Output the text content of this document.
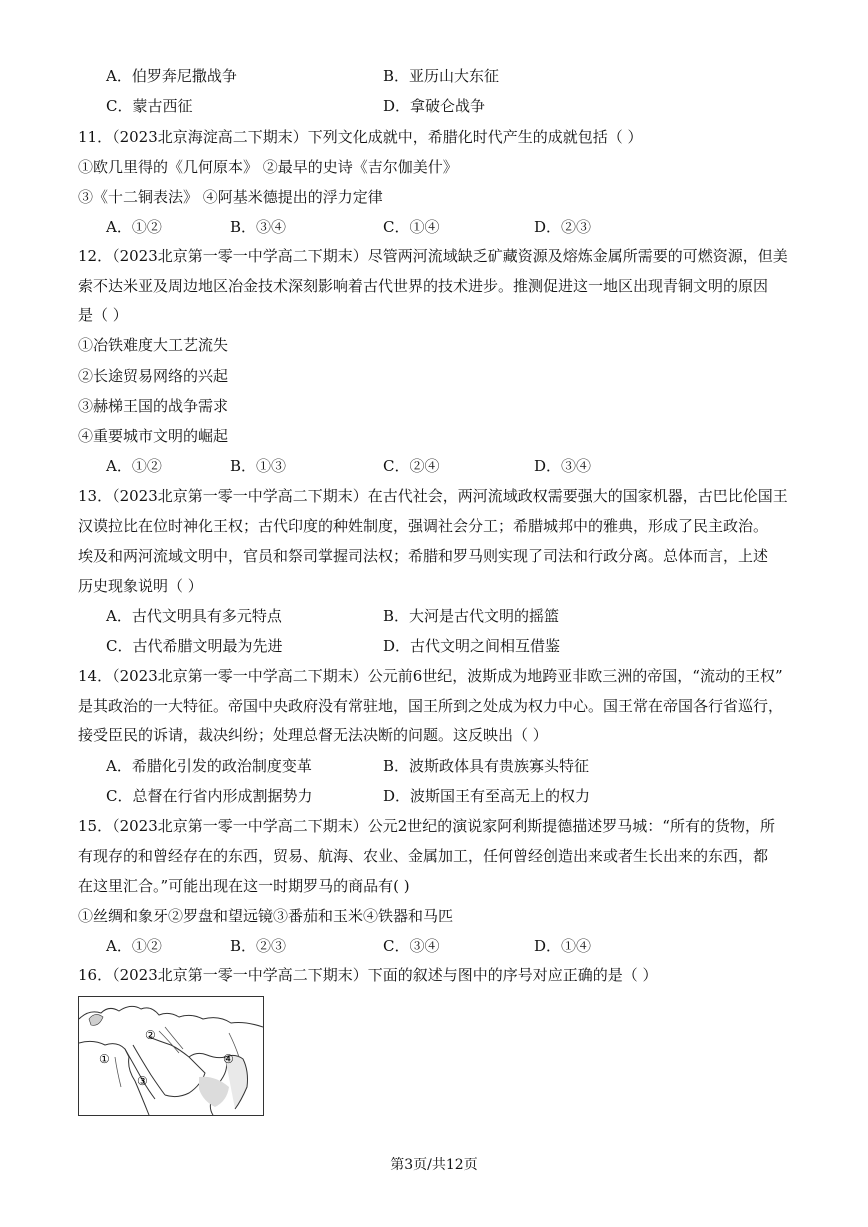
A．伯罗奔尼撒战争	B．亚历山大东征
C．蒙古西征	D．拿破仑战争
11．（2023北京海淀高二下期末）下列文化成就中，希腊化时代产生的成就包括（ ）
①欧几里得的《几何原本》 ②最早的史诗《吉尔伽美什》
③《十二铜表法》 ④阿基米德提出的浮力定律
A．①②	B．③④	C．①④	D．②③
12．（2023北京第一零一中学高二下期末）尽管两河流域缺乏矿藏资源及熔炼金属所需要的可燃资源，但美
索不达米亚及周边地区冶金技术深刻影响着古代世界的技术进步。推测促进这一地区出现青铜文明的原因
是（ ）
①冶铁难度大工艺流失
②长途贸易网络的兴起
③赫梯王国的战争需求
④重要城市文明的崛起
A．①②	B．①③	C．②④	D．③④
13．（2023北京第一零一中学高二下期末）在古代社会，两河流域政权需要强大的国家机器，古巴比伦国王
汉谟拉比在位时神化王权；古代印度的种姓制度，强调社会分工；希腊城邦中的雅典，形成了民主政治。
埃及和两河流域文明中，官员和祭司掌握司法权；希腊和罗马则实现了司法和行政分离。总体而言，上述
历史现象说明（ ）
A．古代文明具有多元特点	B．大河是古代文明的摇篮
C．古代希腊文明最为先进	D．古代文明之间相互借鉴
14．（2023北京第一零一中学高二下期末）公元前6世纪，波斯成为地跨亚非欧三洲的帝国，“流动的王权”
是其政治的一大特征。帝国中央政府没有常驻地，国王所到之处成为权力中心。国王常在帝国各行省巡行，
接受臣民的诉请，裁决纠纷；处理总督无法决断的问题。这反映出（ ）
A．希腊化引发的政治制度变革	B．波斯政体具有贵族寡头特征
C．总督在行省内形成割据势力	D．波斯国王有至高无上的权力
15．（2023北京第一零一中学高二下期末）公元2世纪的演说家阿利斯提德描述罗马城：“所有的货物，所
有现存的和曾经存在的东西，贸易、航海、农业、金属加工，任何曾经创造出来或者生长出来的东西，都
在这里汇合。”可能出现在这一时期罗马的商品有( )
①丝绸和象牙②罗盘和望远镜③番茄和玉米④铁器和马匹
A．①②	B．②③	C．③④	D．①④
16．（2023北京第一零一中学高二下期末）下面的叙述与图中的序号对应正确的是（ ）
①
②
③
④
第3页/共12页
